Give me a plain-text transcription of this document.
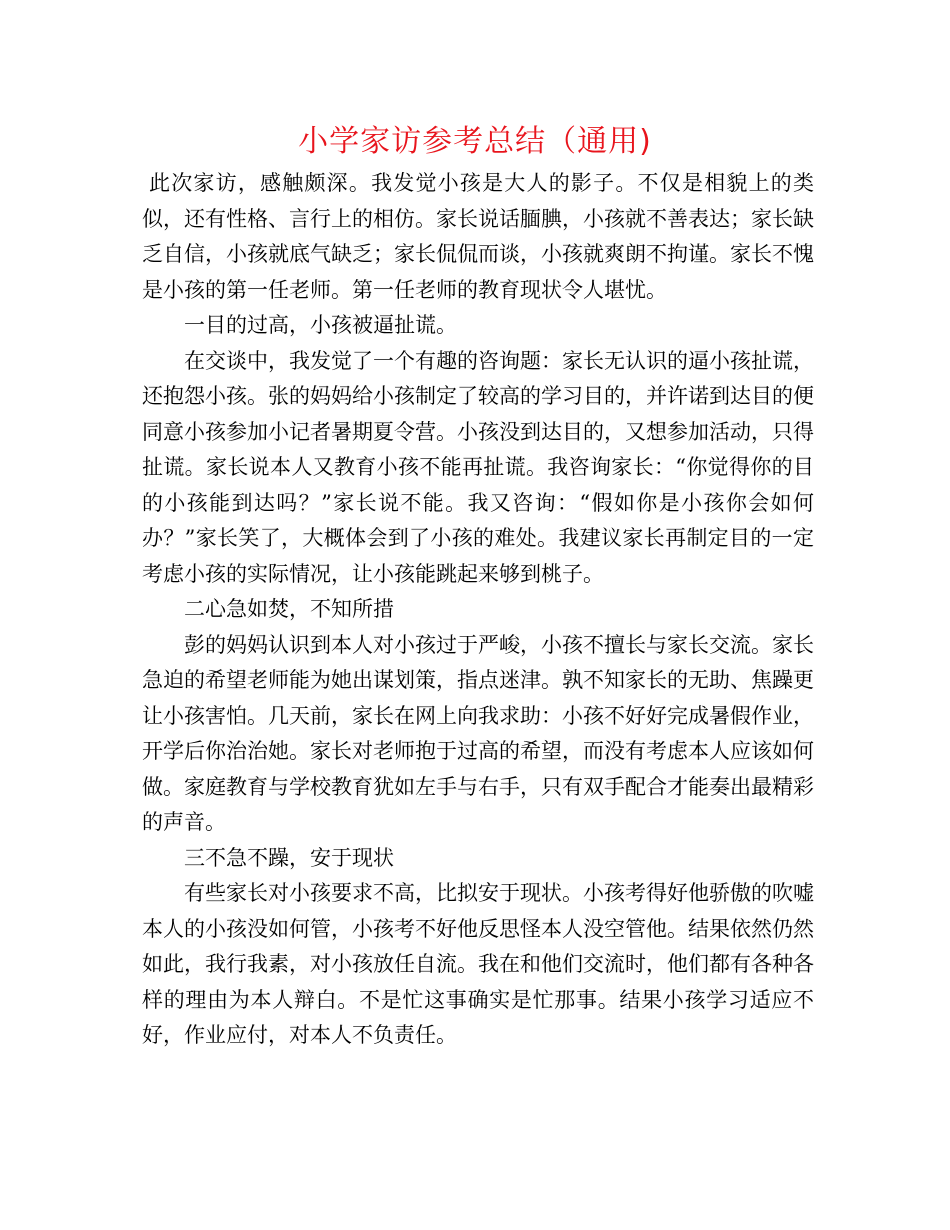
小学家访参考总结（通用)

此次家访，感触颇深。我发觉小孩是大人的影子。不仅是相貌上的类似，还有性格、言行上的相仿。家长说话腼腆，小孩就不善表达；家长缺乏自信，小孩就底气缺乏；家长侃侃而谈，小孩就爽朗不拘谨。家长不愧是小孩的第一任老师。第一任老师的教育现状令人堪忧。

一目的过高，小孩被逼扯谎。

在交谈中，我发觉了一个有趣的咨询题：家长无认识的逼小孩扯谎，还抱怨小孩。张的妈妈给小孩制定了较高的学习目的，并许诺到达目的便同意小孩参加小记者暑期夏令营。小孩没到达目的，又想参加活动，只得扯谎。家长说本人又教育小孩不能再扯谎。我咨询家长：“你觉得你的目的小孩能到达吗？”家长说不能。我又咨询：“假如你是小孩你会如何办？”家长笑了，大概体会到了小孩的难处。我建议家长再制定目的一定考虑小孩的实际情况，让小孩能跳起来够到桃子。

二心急如焚，不知所措

彭的妈妈认识到本人对小孩过于严峻，小孩不擅长与家长交流。家长急迫的希望老师能为她出谋划策，指点迷津。孰不知家长的无助、焦躁更让小孩害怕。几天前，家长在网上向我求助：小孩不好好完成暑假作业，开学后你治治她。家长对老师抱于过高的希望，而没有考虑本人应该如何做。家庭教育与学校教育犹如左手与右手，只有双手配合才能奏出最精彩的声音。

三不急不躁，安于现状

有些家长对小孩要求不高，比拟安于现状。小孩考得好他骄傲的吹嘘本人的小孩没如何管，小孩考不好他反思怪本人没空管他。结果依然仍然如此，我行我素，对小孩放任自流。我在和他们交流时，他们都有各种各样的理由为本人辩白。不是忙这事确实是忙那事。结果小孩学习适应不好，作业应付，对本人不负责任。
